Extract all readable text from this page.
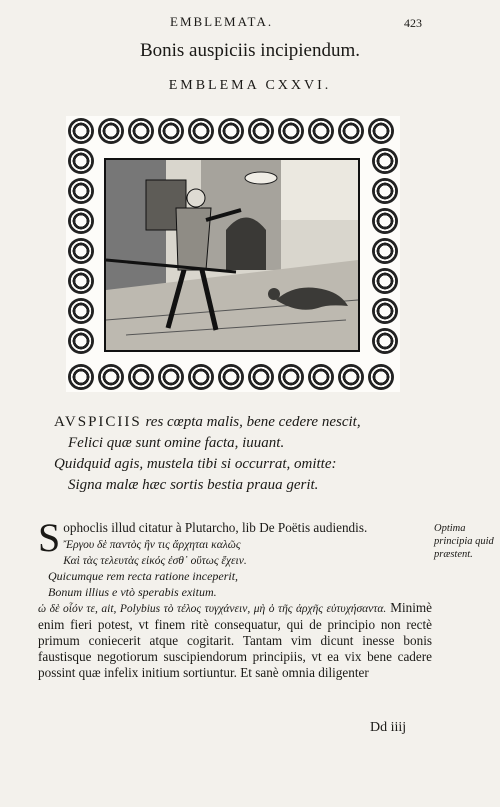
EMBLEMATA.	423
Bonis auspiciis incipiendum.
EMBLEMA CXXVI.
AVSPICIIS res cœpta malis, bene cedere nescit,
Felici quæ sunt omine facta, iuuant.
Quidquid agis, mustela tibi si occurrat, omitte:
Signa malæ hæc sortis bestia praua gerit.
S ophoclis illud citatur à Plutarcho, lib De Poëtis audiendis.

Ἔργου δὲ παντὸς ἢν τις ἄρχηται καλῶς
Καὶ τὰς τελευτὰς εἰκός ἐσθ᾽ οὕτως ἔχειν.
Quicumque rem recta ratione inceperit,
Bonum illius e vtò sperabis exitum.

ὡ δὲ οἶόν τε, ait, Polybius τὸ τέλος τυγχάνειν, μὴ ὁ τῆς ἀρχῆς εὐτυχήσαντα. Minimè enim fieri potest, vt finem ritè consequatur, qui de principio non rectè primum coniecerit atque cogitarit. Tantam vim dicunt inesse bonis faustisque negotiorum suscipiendorum principiis, vt ea vix bene cadere possint quæ infelix initium sortiuntur. Et sanè omnia diligenter

Optima principia quid præstent.
Dd iiij
